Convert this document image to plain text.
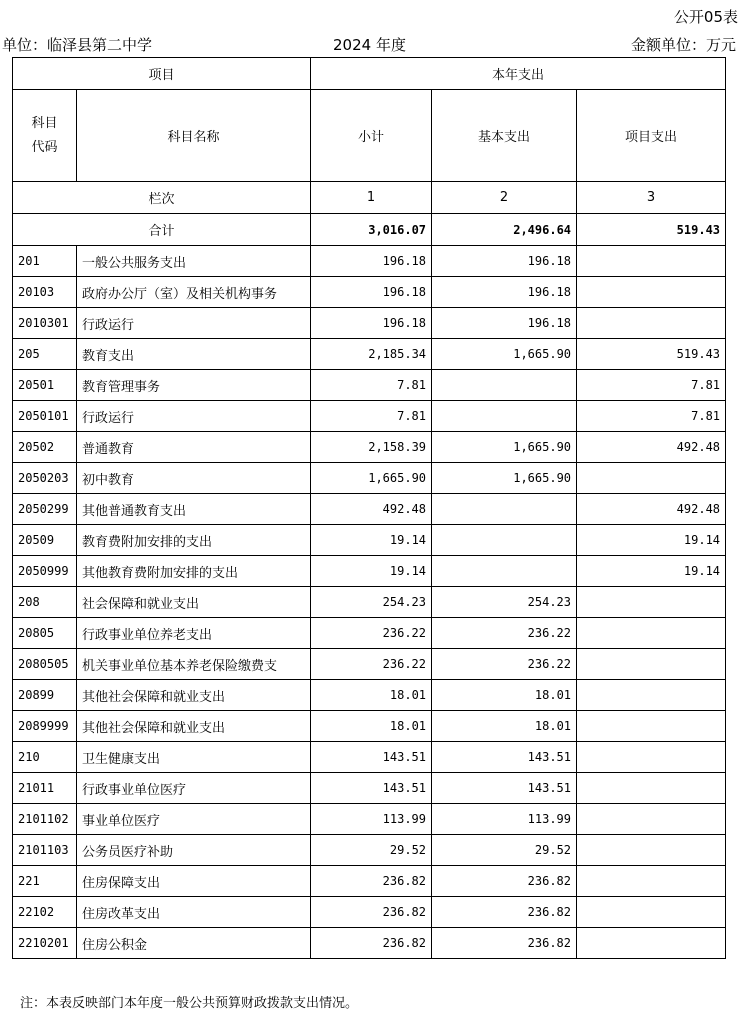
公开05表
单位：临泽县第二中学	2024 年度	金额单位：万元
项目		本年支出		
科目
代码	科目名称	小计	基本支出	项目支出
栏次		1	2	3
合计		3,016.07	2,496.64	519.43
201	一般公共服务支出	196.18	196.18	
20103	政府办公厅（室）及相关机构事务	196.18	196.18	
2010301	行政运行	196.18	196.18	
205	教育支出	2,185.34	1,665.90	519.43
20501	教育管理事务	7.81		7.81
2050101	行政运行	7.81		7.81
20502	普通教育	2,158.39	1,665.90	492.48
2050203	初中教育	1,665.90	1,665.90	
2050299	其他普通教育支出	492.48		492.48
20509	教育费附加安排的支出	19.14		19.14
2050999	其他教育费附加安排的支出	19.14		19.14
208	社会保障和就业支出	254.23	254.23	
20805	行政事业单位养老支出	236.22	236.22	
2080505	机关事业单位基本养老保险缴费支	236.22	236.22	
20899	其他社会保障和就业支出	18.01	18.01	
2089999	其他社会保障和就业支出	18.01	18.01	
210	卫生健康支出	143.51	143.51	
21011	行政事业单位医疗	143.51	143.51	
2101102	事业单位医疗	113.99	113.99	
2101103	公务员医疗补助	29.52	29.52	
221	住房保障支出	236.82	236.82	
22102	住房改革支出	236.82	236.82	
2210201	住房公积金	236.82	236.82	
注：本表反映部门本年度一般公共预算财政拨款支出情况。
